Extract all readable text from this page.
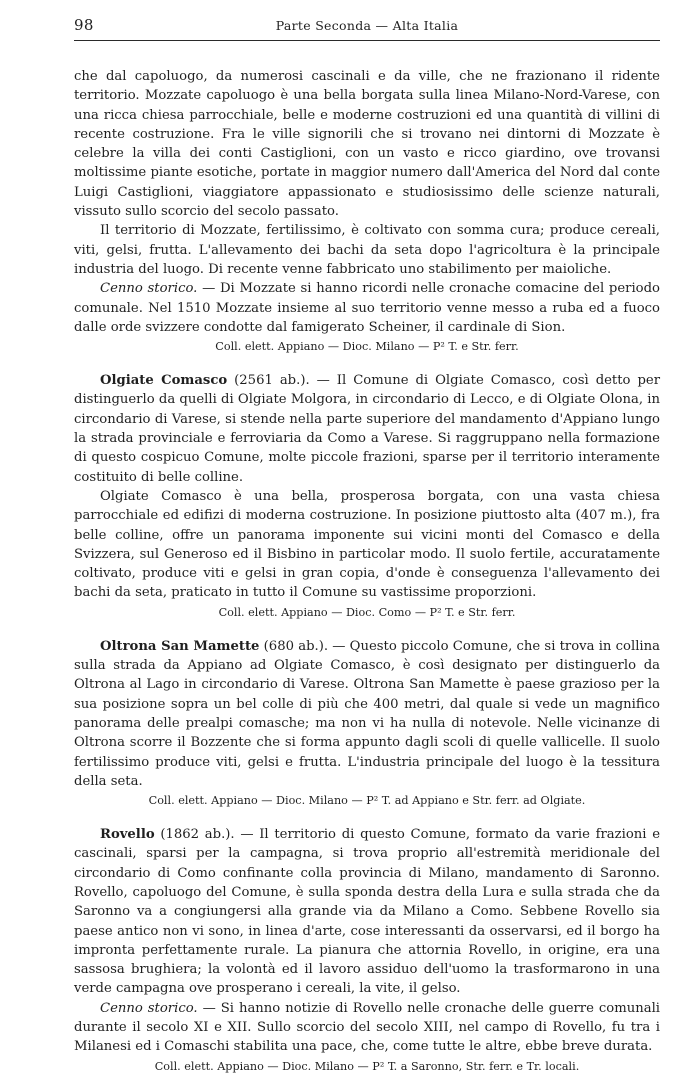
98	Parte Seconda — Alta Italia

che dal capoluogo, da numerosi cascinali e da ville, che ne frazionano il ridente territorio. Mozzate capoluogo è una bella borgata sulla linea Milano-Nord-Varese, con una ricca chiesa parrocchiale, belle e moderne costruzioni ed una quantità di villini di recente costruzione. Fra le ville signorili che si trovano nei dintorni di Mozzate è celebre la villa dei conti Castiglioni, con un vasto e ricco giardino, ove trovansi moltissime piante esotiche, portate in maggior numero dall'America del Nord dal conte Luigi Castiglioni, viaggiatore appassionato e studiosissimo delle scienze naturali, vissuto sullo scorcio del secolo passato.

Il territorio di Mozzate, fertilissimo, è coltivato con somma cura; produce cereali, viti, gelsi, frutta. L'allevamento dei bachi da seta dopo l'agricoltura è la principale industria del luogo. Di recente venne fabbricato uno stabilimento per maioliche.

Cenno storico. — Di Mozzate si hanno ricordi nelle cronache comacine del periodo comunale. Nel 1510 Mozzate insieme al suo territorio venne messo a ruba ed a fuoco dalle orde svizzere condotte dal famigerato Scheiner, il cardinale di Sion.

Coll. elett. Appiano — Dioc. Milano — P² T. e Str. ferr.

Olgiate Comasco (2561 ab.). — Il Comune di Olgiate Comasco, così detto per distinguerlo da quelli di Olgiate Molgora, in circondario di Lecco, e di Olgiate Olona, in circondario di Varese, si stende nella parte superiore del mandamento d'Appiano lungo la strada provinciale e ferroviaria da Como a Varese. Si raggruppano nella formazione di questo cospicuo Comune, molte piccole frazioni, sparse per il territorio interamente costituito di belle colline.

Olgiate Comasco è una bella, prosperosa borgata, con una vasta chiesa parrocchiale ed edifizi di moderna costruzione. In posizione piuttosto alta (407 m.), fra belle colline, offre un panorama imponente sui vicini monti del Comasco e della Svizzera, sul Generoso ed il Bisbino in particolar modo. Il suolo fertile, accuratamente coltivato, produce viti e gelsi in gran copia, d'onde è conseguenza l'allevamento dei bachi da seta, praticato in tutto il Comune su vastissime proporzioni.

Coll. elett. Appiano — Dioc. Como — P² T. e Str. ferr.

Oltrona San Mamette (680 ab.). — Questo piccolo Comune, che si trova in collina sulla strada da Appiano ad Olgiate Comasco, è così designato per distinguerlo da Oltrona al Lago in circondario di Varese. Oltrona San Mamette è paese grazioso per la sua posizione sopra un bel colle di più che 400 metri, dal quale si vede un magnifico panorama delle prealpi comasche; ma non vi ha nulla di notevole. Nelle vicinanze di Oltrona scorre il Bozzente che si forma appunto dagli scoli di quelle vallicelle. Il suolo fertilissimo produce viti, gelsi e frutta. L'industria principale del luogo è la tessitura della seta.

Coll. elett. Appiano — Dioc. Milano — P² T. ad Appiano e Str. ferr. ad Olgiate.

Rovello (1862 ab.). — Il territorio di questo Comune, formato da varie frazioni e cascinali, sparsi per la campagna, si trova proprio all'estremità meridionale del circondario di Como confinante colla provincia di Milano, mandamento di Saronno. Rovello, capoluogo del Comune, è sulla sponda destra della Lura e sulla strada che da Saronno va a congiungersi alla grande via da Milano a Como. Sebbene Rovello sia paese antico non vi sono, in linea d'arte, cose interessanti da osservarsi, ed il borgo ha impronta perfettamente rurale. La pianura che attornia Rovello, in origine, era una sassosa brughiera; la volontà ed il lavoro assiduo dell'uomo la trasformarono in una verde campagna ove prosperano i cereali, la vite, il gelso.

Cenno storico. — Si hanno notizie di Rovello nelle cronache delle guerre comunali durante il secolo XI e XII. Sullo scorcio del secolo XIII, nel campo di Rovello, fu tra i Milanesi ed i Comaschi stabilita una pace, che, come tutte le altre, ebbe breve durata.

Coll. elett. Appiano — Dioc. Milano — P² T. a Saronno, Str. ferr. e Tr. locali.
